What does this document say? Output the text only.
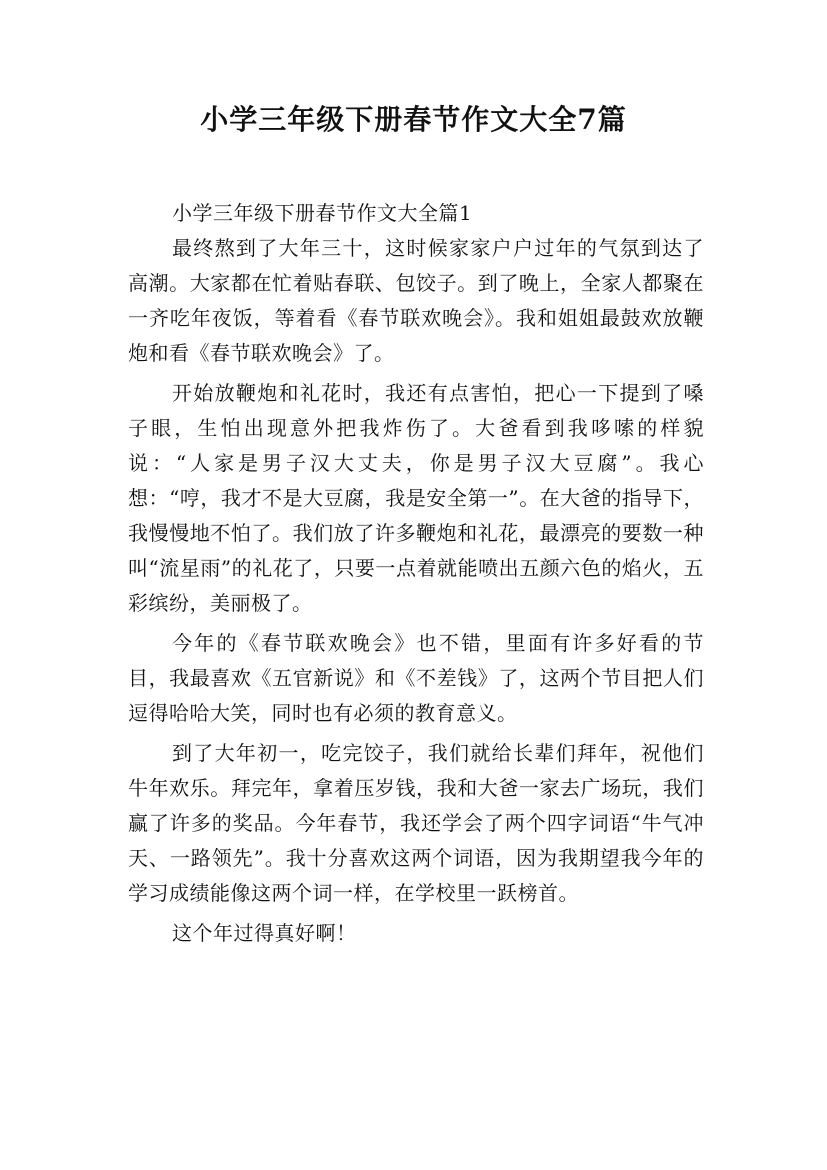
小学三年级下册春节作文大全7篇

小学三年级下册春节作文大全篇1

最终熬到了大年三十，这时候家家户户过年的气氛到达了高潮。大家都在忙着贴春联、包饺子。到了晚上，全家人都聚在一齐吃年夜饭，等着看《春节联欢晚会》。我和姐姐最鼓欢放鞭炮和看《春节联欢晚会》了。

开始放鞭炮和礼花时，我还有点害怕，把心一下提到了嗓子眼，生怕出现意外把我炸伤了。大爸看到我哆嗦的样貌说：“人家是男子汉大丈夫，你是男子汉大豆腐”。我心想：“哼，我才不是大豆腐，我是安全第一”。在大爸的指导下，我慢慢地不怕了。我们放了许多鞭炮和礼花，最漂亮的要数一种叫“流星雨”的礼花了，只要一点着就能喷出五颜六色的焰火，五彩缤纷，美丽极了。

今年的《春节联欢晚会》也不错，里面有许多好看的节目，我最喜欢《五官新说》和《不差钱》了，这两个节目把人们逗得哈哈大笑，同时也有必须的教育意义。

到了大年初一，吃完饺子，我们就给长辈们拜年，祝他们牛年欢乐。拜完年，拿着压岁钱，我和大爸一家去广场玩，我们赢了许多的奖品。今年春节，我还学会了两个四字词语“牛气冲天、一路领先”。我十分喜欢这两个词语，因为我期望我今年的学习成绩能像这两个词一样，在学校里一跃榜首。

这个年过得真好啊！
